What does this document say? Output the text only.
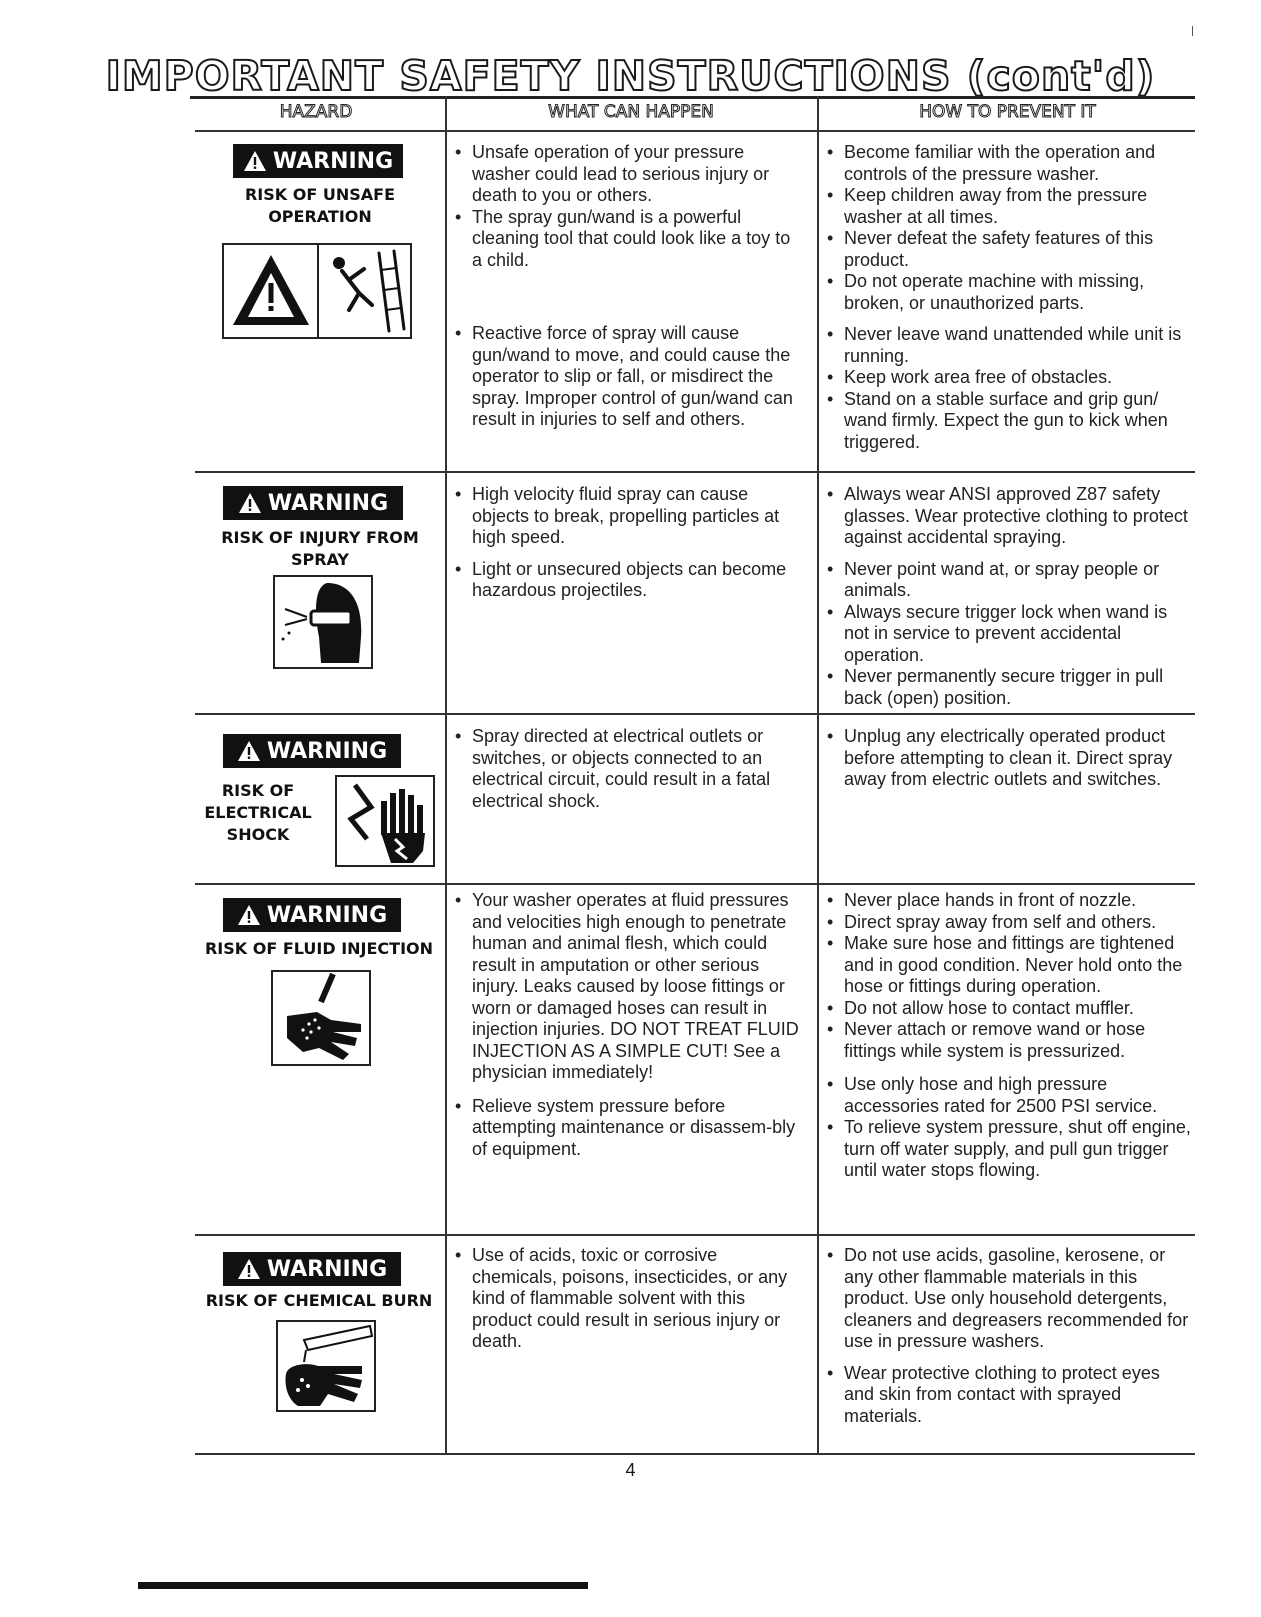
IMPORTANT SAFETY INSTRUCTIONS (cont'd)
HAZARD	WHAT CAN HAPPEN	HOW TO PREVENT IT
WARNING
RISK OF UNSAFE OPERATION
• Unsafe operation of your pressure washer could lead to serious injury or death to you or others.
• The spray gun/wand is a powerful cleaning tool that could look like a toy to a child.
• Reactive force of spray will cause gun/wand to move, and could cause the operator to slip or fall, or misdirect the spray. Improper control of gun/wand can result in injuries to self and others.
• Become familiar with the operation and controls of the pressure washer.
• Keep children away from the pressure washer at all times.
• Never defeat the safety features of this product.
• Do not operate machine with missing, broken, or unauthorized parts.
• Never leave wand unattended while unit is running.
• Keep work area free of obstacles.
• Stand on a stable surface and grip gun/ wand firmly. Expect the gun to kick when triggered.
WARNING
RISK OF INJURY FROM SPRAY
• High velocity fluid spray can cause objects to break, propelling particles at high speed.
• Light or unsecured objects can become hazardous projectiles.
• Always wear ANSI approved Z87 safety glasses. Wear protective clothing to protect against accidental spraying.
• Never point wand at, or spray people or animals.
• Always secure trigger lock when wand is not in service to prevent accidental operation.
• Never permanently secure trigger in pull back (open) position.
WARNING
RISK OF ELECTRICAL SHOCK
• Spray directed at electrical outlets or switches, or objects connected to an electrical circuit, could result in a fatal electrical shock.
• Unplug any electrically operated product before attempting to clean it. Direct spray away from electric outlets and switches.
WARNING
RISK OF FLUID INJECTION
• Your washer operates at fluid pressures and velocities high enough to penetrate human and animal flesh, which could result in amputation or other serious injury. Leaks caused by loose fittings or worn or damaged hoses can result in injection injuries. DO NOT TREAT FLUID INJECTION AS A SIMPLE CUT! See a physician immediately!
• Relieve system pressure before attempting maintenance or disassem-bly of equipment.
• Never place hands in front of nozzle.
• Direct spray away from self and others.
• Make sure hose and fittings are tightened and in good condition. Never hold onto the hose or fittings during operation.
• Do not allow hose to contact muffler.
• Never attach or remove wand or hose fittings while system is pressurized.
• Use only hose and high pressure accessories rated for 2500 PSI service.
• To relieve system pressure, shut off engine, turn off water supply, and pull gun trigger until water stops flowing.
WARNING
RISK OF CHEMICAL BURN
• Use of acids, toxic or corrosive chemicals, poisons, insecticides, or any kind of flammable solvent with this product could result in serious injury or death.
• Do not use acids, gasoline, kerosene, or any other flammable materials in this product. Use only household detergents, cleaners and degreasers recommended for use in pressure washers.
• Wear protective clothing to protect eyes and skin from contact with sprayed materials.
4
